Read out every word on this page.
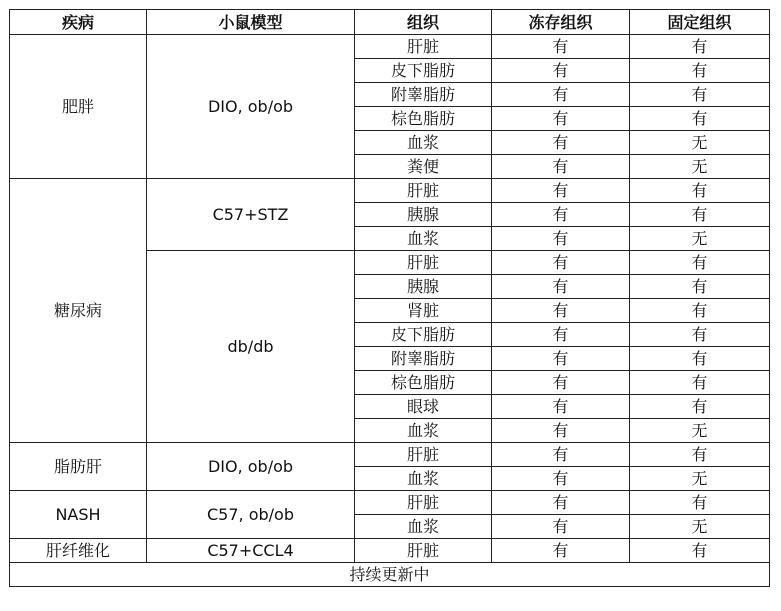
疾病	小鼠模型	组织	冻存组织	固定组织
肥胖	DIO, ob/ob	肝脏	有	有
		皮下脂肪	有	有
		附睾脂肪	有	有
		棕色脂肪	有	有
		血浆	有	无
		粪便	有	无
糖尿病	C57+STZ	肝脏	有	有
		胰腺	有	有
		血浆	有	无
	db/db	肝脏	有	有
		胰腺	有	有
		肾脏	有	有
		皮下脂肪	有	有
		附睾脂肪	有	有
		棕色脂肪	有	有
		眼球	有	有
		血浆	有	无
脂肪肝	DIO, ob/ob	肝脏	有	有
		血浆	有	无
NASH	C57, ob/ob	肝脏	有	有
		血浆	有	无
肝纤维化	C57+CCL4	肝脏	有	有
持续更新中				
